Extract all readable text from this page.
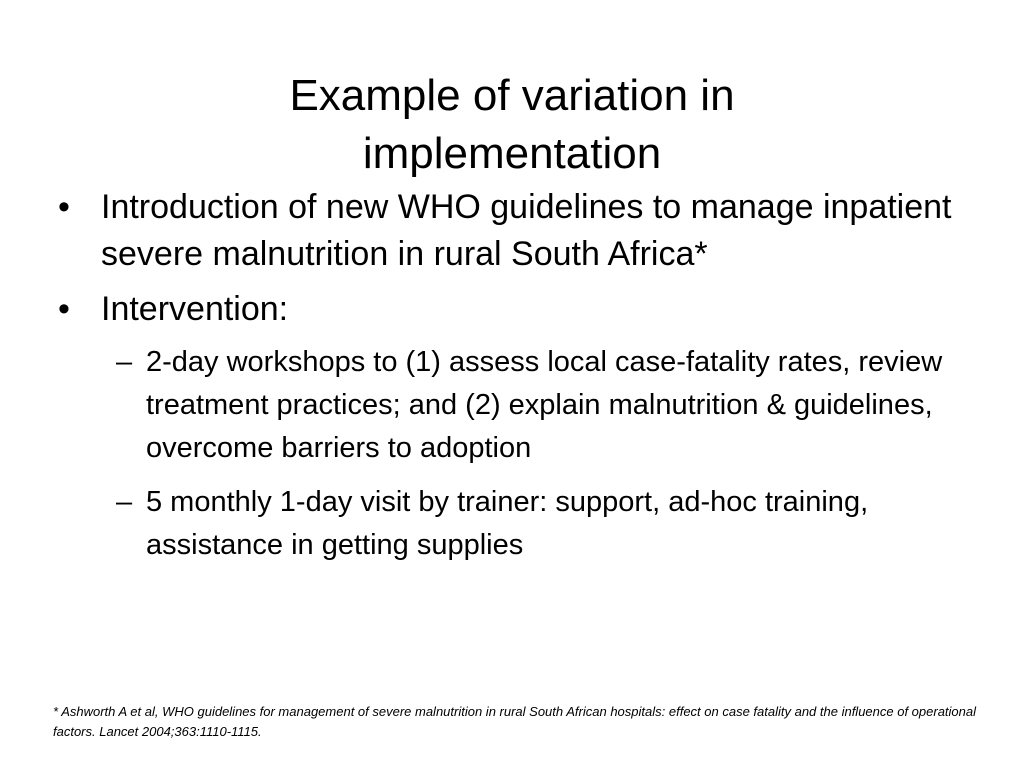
Example of variation in
implementation
• Introduction of new WHO guidelines to manage inpatient severe malnutrition in rural South Africa*
• Intervention:
– 2-day workshops to (1) assess local case-fatality rates, review treatment practices; and (2) explain malnutrition & guidelines, overcome barriers to adoption
– 5 monthly 1-day visit by trainer: support, ad-hoc training, assistance in getting supplies
* Ashworth A et al, WHO guidelines for management of severe malnutrition in rural South African hospitals: effect on case fatality and the influence of operational factors. Lancet 2004;363:1110-1115.
